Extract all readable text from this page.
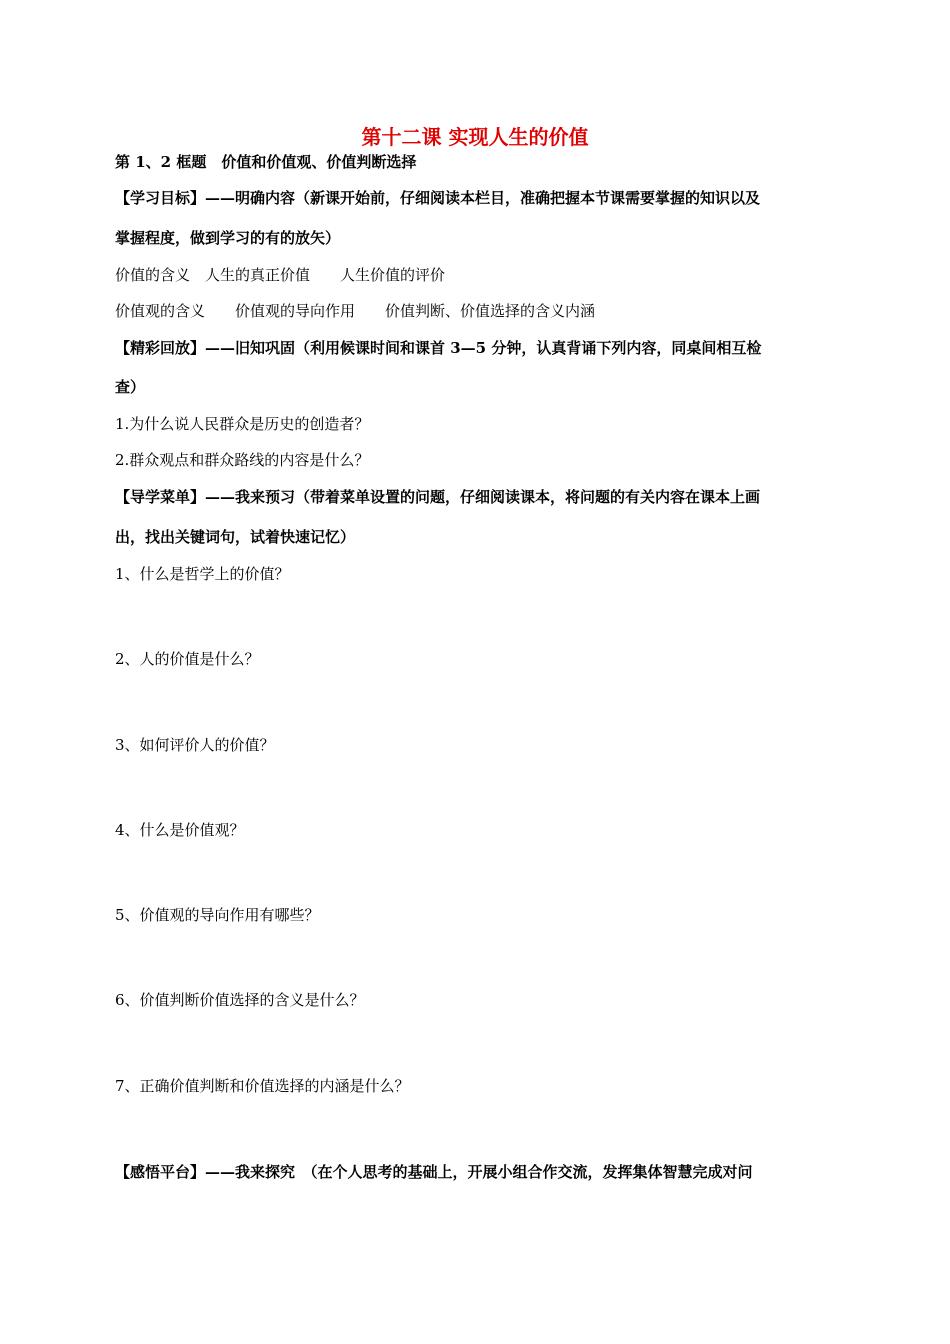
第十二课 实现人生的价值
第 1、2 框题　价值和价值观、价值判断选择
【学习目标】——明确内容（新课开始前，仔细阅读本栏目，准确把握本节课需要掌握的知识以及
掌握程度，做到学习的有的放矢）
价值的含义　人生的真正价值　　人生价值的评价
价值观的含义　　价值观的导向作用　　价值判断、价值选择的含义内涵
【精彩回放】——旧知巩固（利用候课时间和课首 3—5 分钟，认真背诵下列内容，同桌间相互检
查）
1.为什么说人民群众是历史的创造者？
2.群众观点和群众路线的内容是什么？
【导学菜单】——我来预习（带着菜单设置的问题，仔细阅读课本，将问题的有关内容在课本上画
出，找出关键词句，试着快速记忆）
1、什么是哲学上的价值？
2、人的价值是什么？
3、如何评价人的价值？
4、什么是价值观？
5、价值观的导向作用有哪些？
6、价值判断价值选择的含义是什么？
7、正确价值判断和价值选择的内涵是什么？
【感悟平台】——我来探究　（在个人思考的基础上，开展小组合作交流，发挥集体智慧完成对问
